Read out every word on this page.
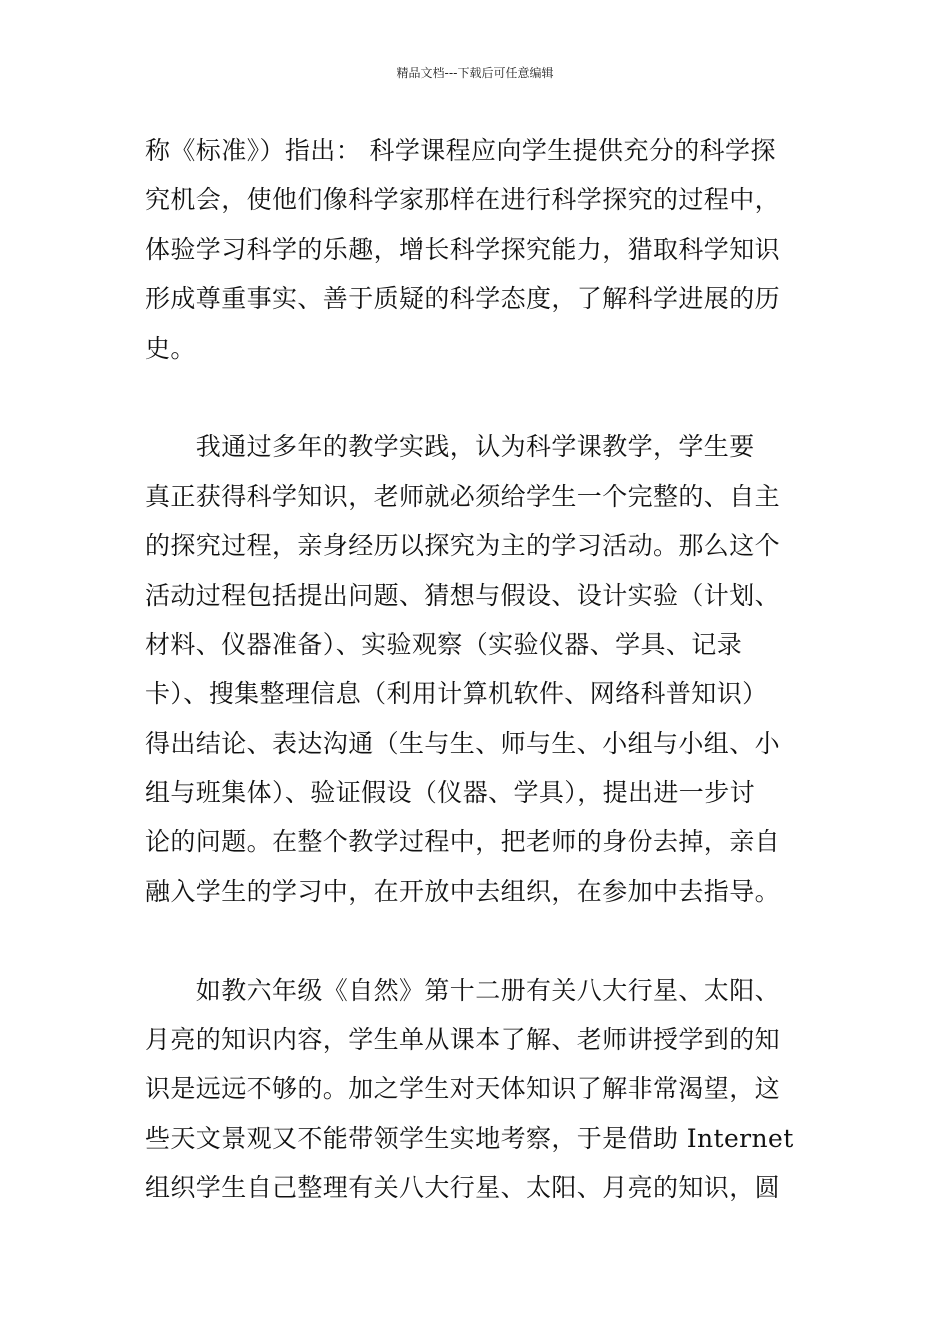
精品文档---下载后可任意编辑
称《标准》）指出： 科学课程应向学生提供充分的科学探
究机会，使他们像科学家那样在进行科学探究的过程中，
体验学习科学的乐趣，增长科学探究能力，猎取科学知识
形成尊重事实、善于质疑的科学态度，了解科学进展的历
史。
　　我通过多年的教学实践，认为科学课教学，学生要
真正获得科学知识，老师就必须给学生一个完整的、自主
的探究过程，亲身经历以探究为主的学习活动。那么这个
活动过程包括提出问题、猜想与假设、设计实验（计划、
材料、仪器准备）、实验观察（实验仪器、学具、记录
卡）、搜集整理信息（利用计算机软件、网络科普知识）
得出结论、表达沟通（生与生、师与生、小组与小组、小
组与班集体）、验证假设（仪器、学具），提出进一步讨
论的问题。在整个教学过程中，把老师的身份去掉，亲自
融入学生的学习中，在开放中去组织，在参加中去指导。
　　如教六年级《自然》第十二册有关八大行星、太阳、
月亮的知识内容，学生单从课本了解、老师讲授学到的知
识是远远不够的。加之学生对天体知识了解非常渴望，这
些天文景观又不能带领学生实地考察，于是借助 Internet
组织学生自己整理有关八大行星、太阳、月亮的知识，圆
